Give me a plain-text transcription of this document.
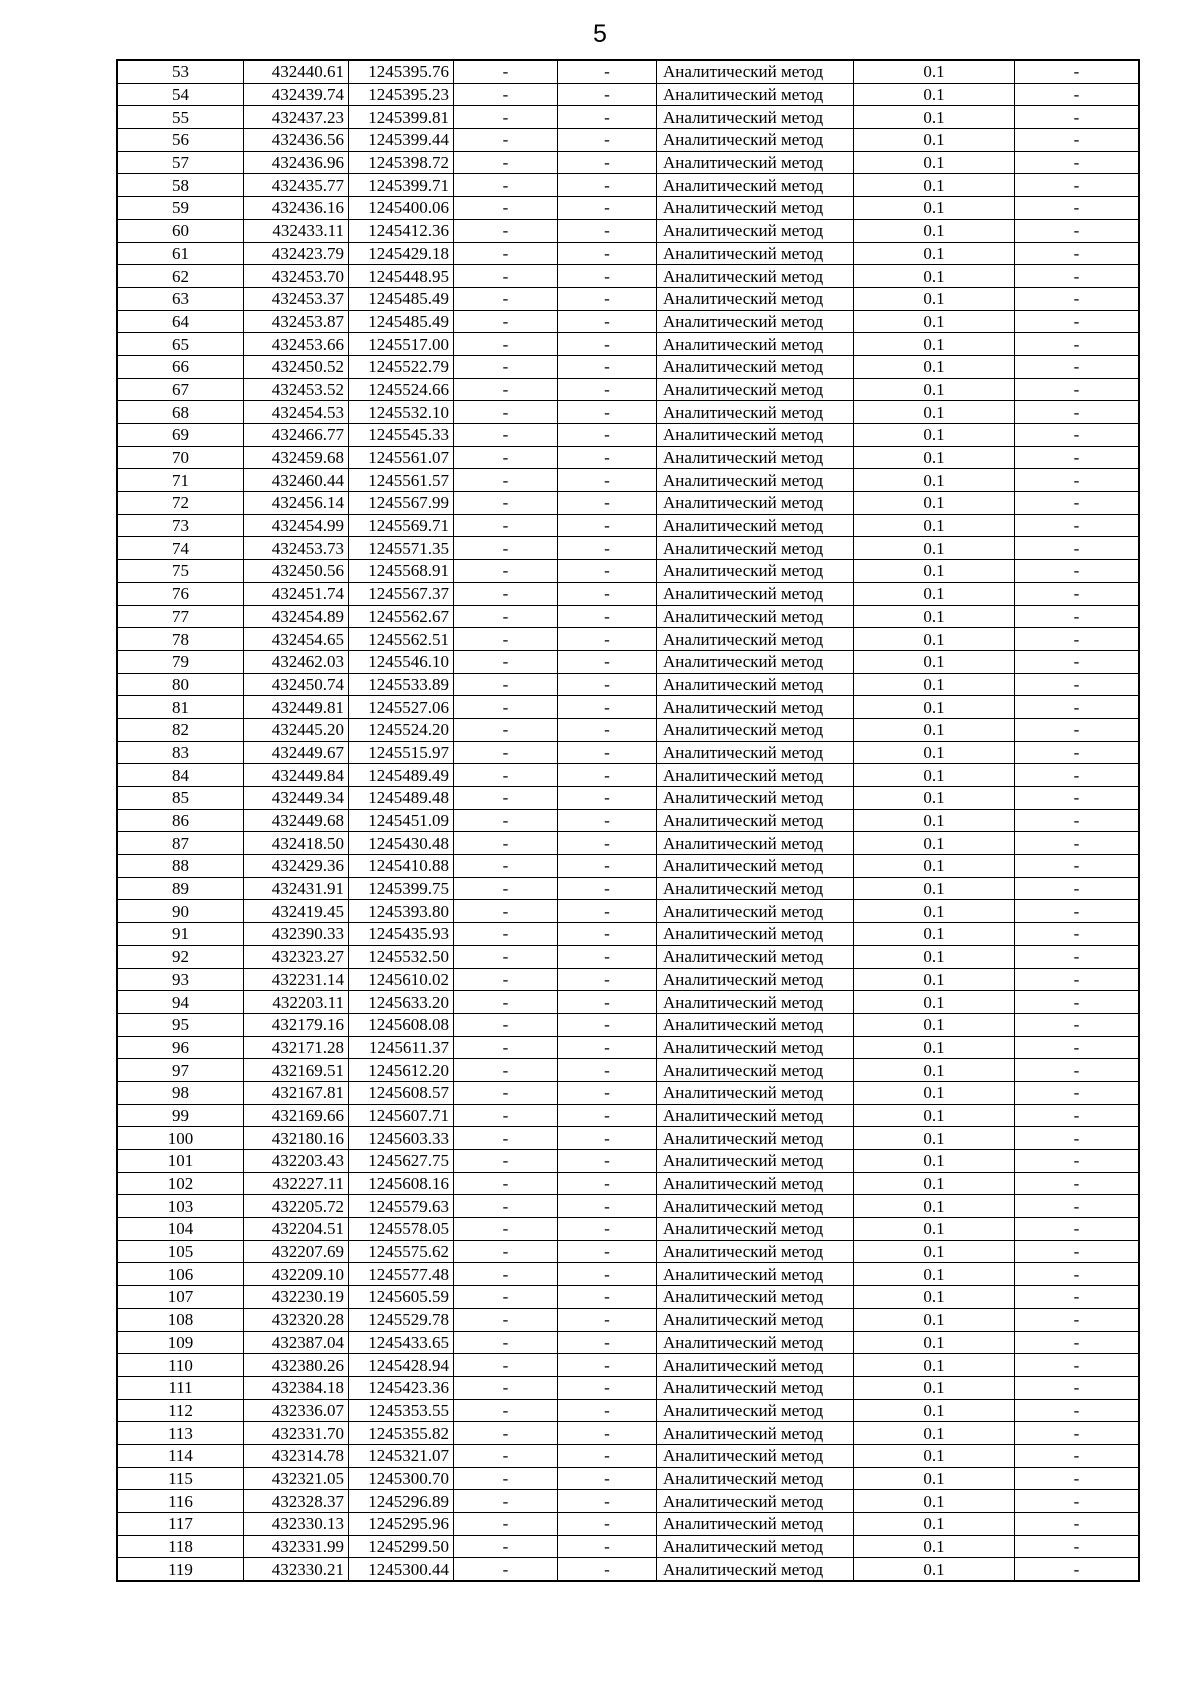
5
53	432440.61	1245395.76	-	-	Аналитический метод	0.1	-
54	432439.74	1245395.23	-	-	Аналитический метод	0.1	-
55	432437.23	1245399.81	-	-	Аналитический метод	0.1	-
56	432436.56	1245399.44	-	-	Аналитический метод	0.1	-
57	432436.96	1245398.72	-	-	Аналитический метод	0.1	-
58	432435.77	1245399.71	-	-	Аналитический метод	0.1	-
59	432436.16	1245400.06	-	-	Аналитический метод	0.1	-
60	432433.11	1245412.36	-	-	Аналитический метод	0.1	-
61	432423.79	1245429.18	-	-	Аналитический метод	0.1	-
62	432453.70	1245448.95	-	-	Аналитический метод	0.1	-
63	432453.37	1245485.49	-	-	Аналитический метод	0.1	-
64	432453.87	1245485.49	-	-	Аналитический метод	0.1	-
65	432453.66	1245517.00	-	-	Аналитический метод	0.1	-
66	432450.52	1245522.79	-	-	Аналитический метод	0.1	-
67	432453.52	1245524.66	-	-	Аналитический метод	0.1	-
68	432454.53	1245532.10	-	-	Аналитический метод	0.1	-
69	432466.77	1245545.33	-	-	Аналитический метод	0.1	-
70	432459.68	1245561.07	-	-	Аналитический метод	0.1	-
71	432460.44	1245561.57	-	-	Аналитический метод	0.1	-
72	432456.14	1245567.99	-	-	Аналитический метод	0.1	-
73	432454.99	1245569.71	-	-	Аналитический метод	0.1	-
74	432453.73	1245571.35	-	-	Аналитический метод	0.1	-
75	432450.56	1245568.91	-	-	Аналитический метод	0.1	-
76	432451.74	1245567.37	-	-	Аналитический метод	0.1	-
77	432454.89	1245562.67	-	-	Аналитический метод	0.1	-
78	432454.65	1245562.51	-	-	Аналитический метод	0.1	-
79	432462.03	1245546.10	-	-	Аналитический метод	0.1	-
80	432450.74	1245533.89	-	-	Аналитический метод	0.1	-
81	432449.81	1245527.06	-	-	Аналитический метод	0.1	-
82	432445.20	1245524.20	-	-	Аналитический метод	0.1	-
83	432449.67	1245515.97	-	-	Аналитический метод	0.1	-
84	432449.84	1245489.49	-	-	Аналитический метод	0.1	-
85	432449.34	1245489.48	-	-	Аналитический метод	0.1	-
86	432449.68	1245451.09	-	-	Аналитический метод	0.1	-
87	432418.50	1245430.48	-	-	Аналитический метод	0.1	-
88	432429.36	1245410.88	-	-	Аналитический метод	0.1	-
89	432431.91	1245399.75	-	-	Аналитический метод	0.1	-
90	432419.45	1245393.80	-	-	Аналитический метод	0.1	-
91	432390.33	1245435.93	-	-	Аналитический метод	0.1	-
92	432323.27	1245532.50	-	-	Аналитический метод	0.1	-
93	432231.14	1245610.02	-	-	Аналитический метод	0.1	-
94	432203.11	1245633.20	-	-	Аналитический метод	0.1	-
95	432179.16	1245608.08	-	-	Аналитический метод	0.1	-
96	432171.28	1245611.37	-	-	Аналитический метод	0.1	-
97	432169.51	1245612.20	-	-	Аналитический метод	0.1	-
98	432167.81	1245608.57	-	-	Аналитический метод	0.1	-
99	432169.66	1245607.71	-	-	Аналитический метод	0.1	-
100	432180.16	1245603.33	-	-	Аналитический метод	0.1	-
101	432203.43	1245627.75	-	-	Аналитический метод	0.1	-
102	432227.11	1245608.16	-	-	Аналитический метод	0.1	-
103	432205.72	1245579.63	-	-	Аналитический метод	0.1	-
104	432204.51	1245578.05	-	-	Аналитический метод	0.1	-
105	432207.69	1245575.62	-	-	Аналитический метод	0.1	-
106	432209.10	1245577.48	-	-	Аналитический метод	0.1	-
107	432230.19	1245605.59	-	-	Аналитический метод	0.1	-
108	432320.28	1245529.78	-	-	Аналитический метод	0.1	-
109	432387.04	1245433.65	-	-	Аналитический метод	0.1	-
110	432380.26	1245428.94	-	-	Аналитический метод	0.1	-
111	432384.18	1245423.36	-	-	Аналитический метод	0.1	-
112	432336.07	1245353.55	-	-	Аналитический метод	0.1	-
113	432331.70	1245355.82	-	-	Аналитический метод	0.1	-
114	432314.78	1245321.07	-	-	Аналитический метод	0.1	-
115	432321.05	1245300.70	-	-	Аналитический метод	0.1	-
116	432328.37	1245296.89	-	-	Аналитический метод	0.1	-
117	432330.13	1245295.96	-	-	Аналитический метод	0.1	-
118	432331.99	1245299.50	-	-	Аналитический метод	0.1	-
119	432330.21	1245300.44	-	-	Аналитический метод	0.1	-
